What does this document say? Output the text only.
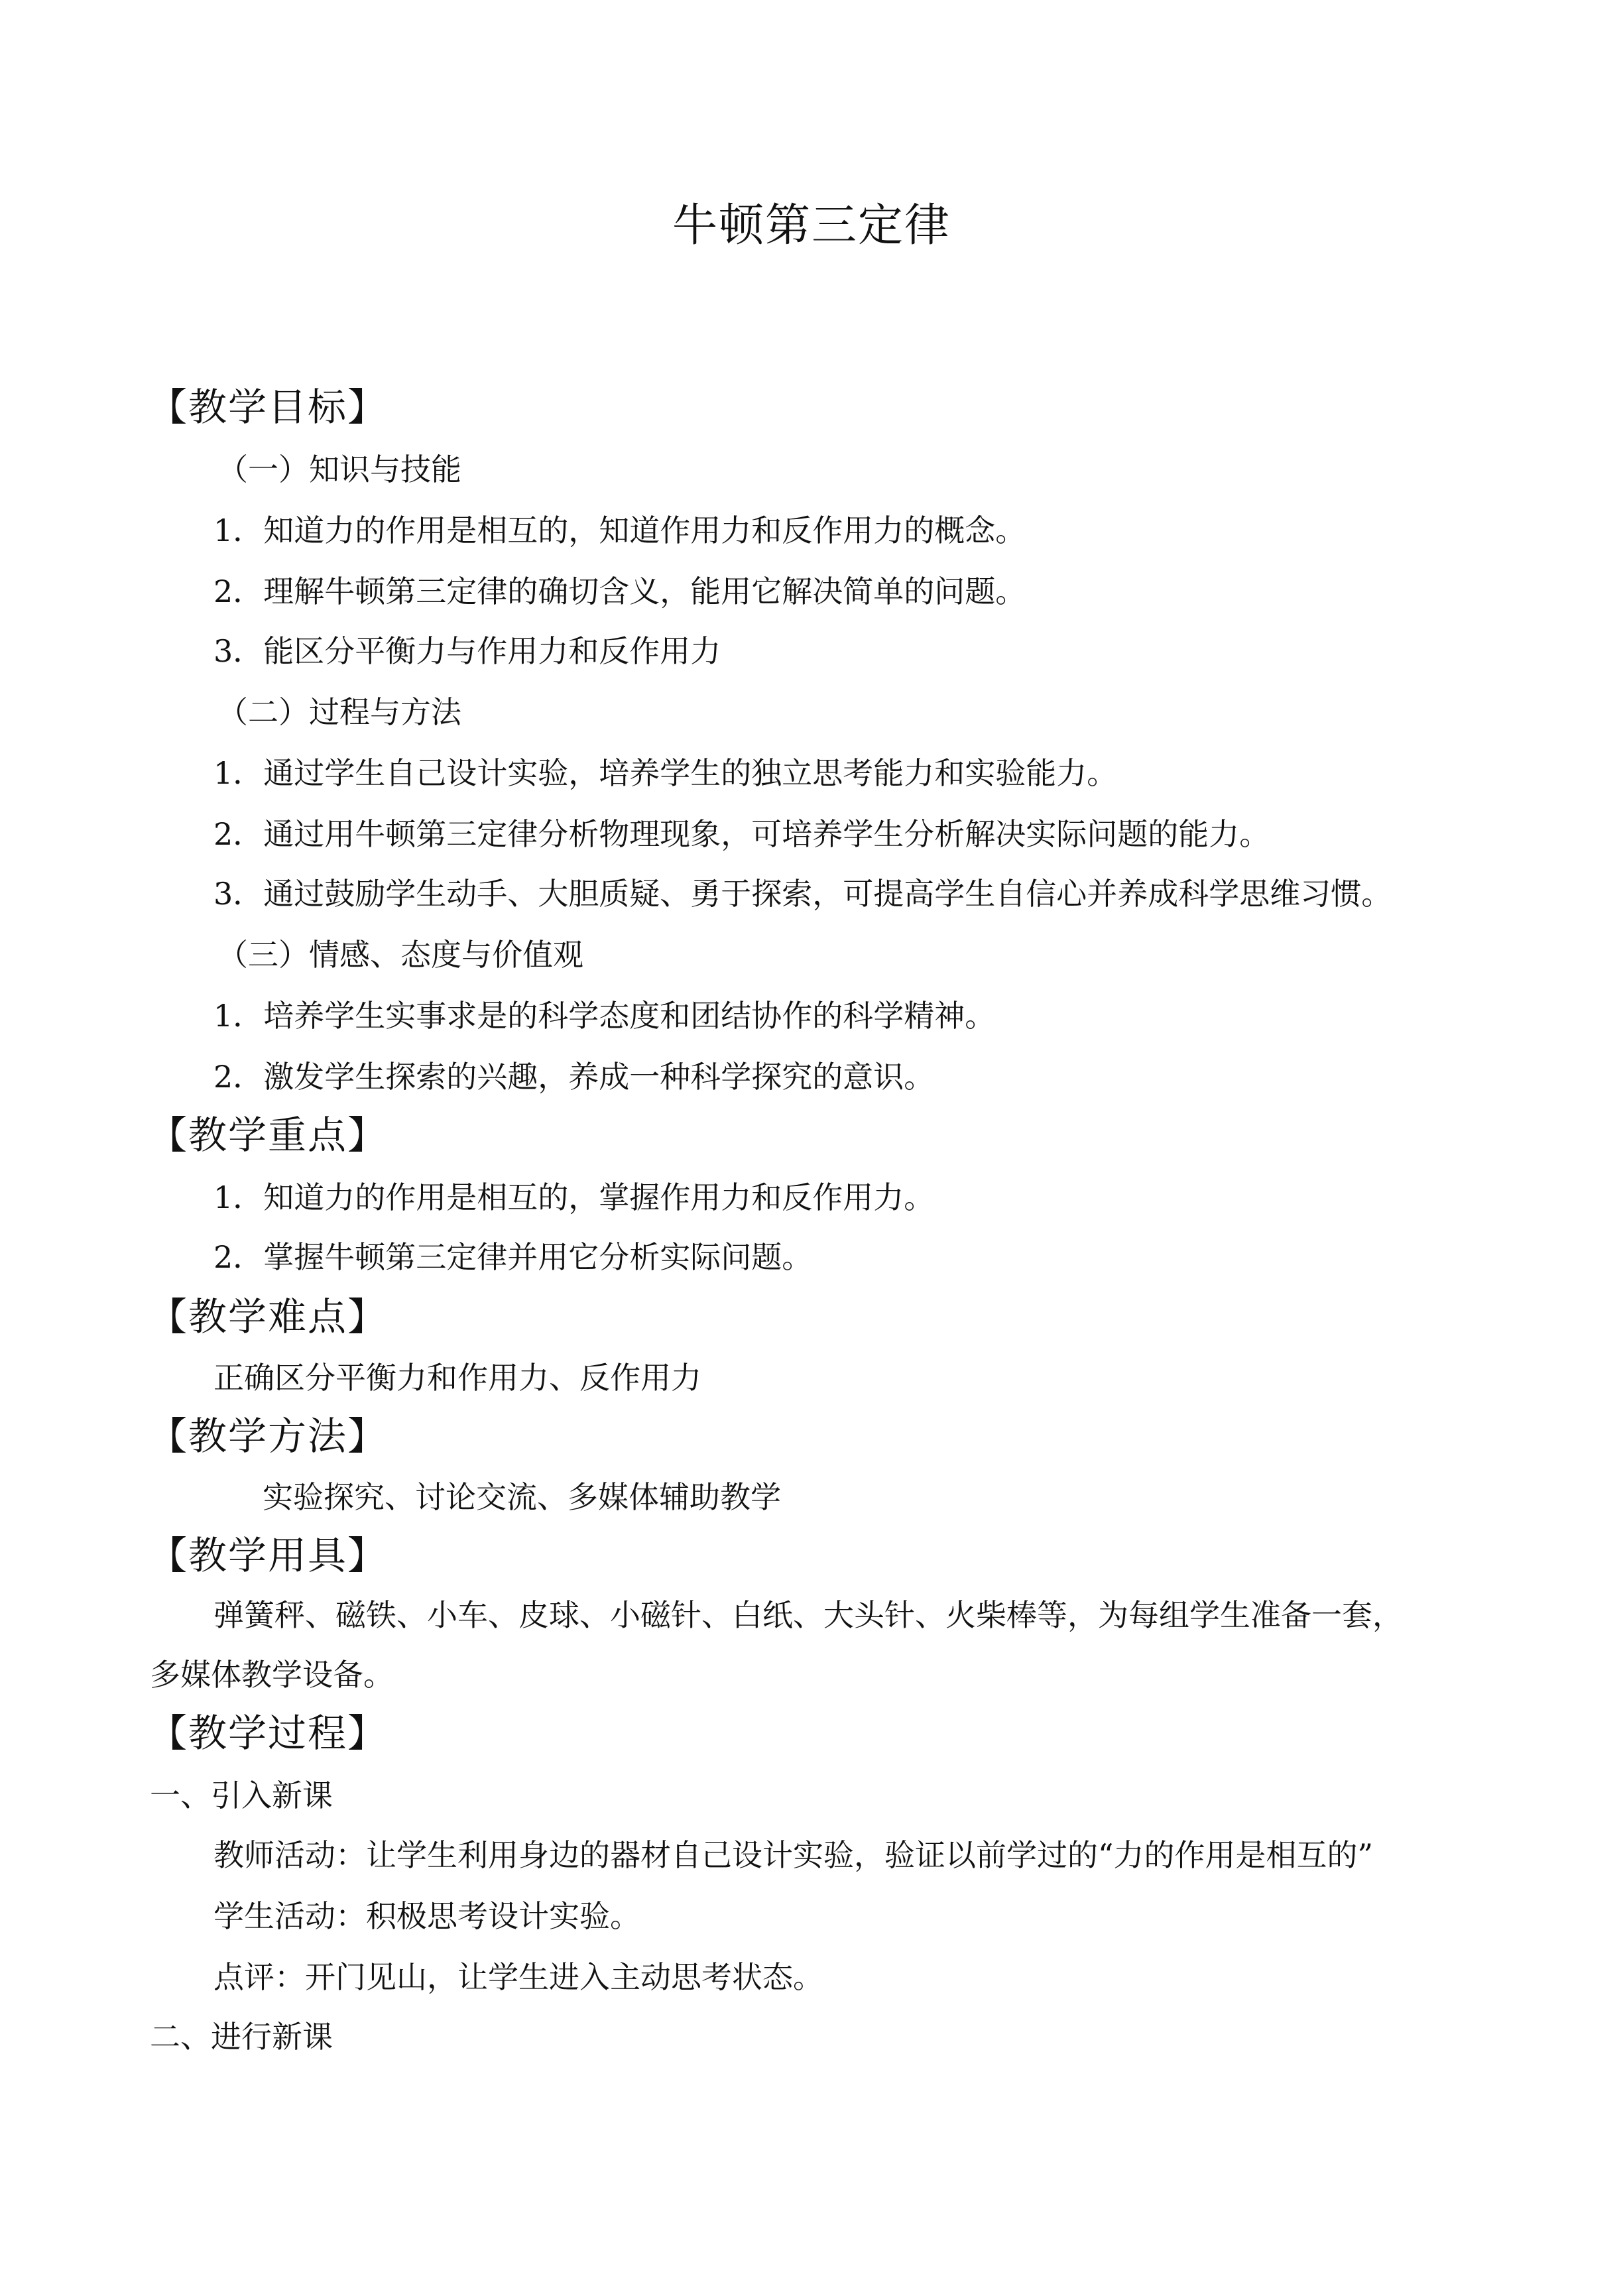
牛顿第三定律
【教学目标】
（一）知识与技能
1．知道力的作用是相互的，知道作用力和反作用力的概念。
2．理解牛顿第三定律的确切含义，能用它解决简单的问题。
3．能区分平衡力与作用力和反作用力
（二）过程与方法
1．通过学生自己设计实验，培养学生的独立思考能力和实验能力。
2．通过用牛顿第三定律分析物理现象，可培养学生分析解决实际问题的能力。
3．通过鼓励学生动手、大胆质疑、勇于探索，可提高学生自信心并养成科学思维习惯。
（三）情感、态度与价值观
1．培养学生实事求是的科学态度和团结协作的科学精神。
2．激发学生探索的兴趣，养成一种科学探究的意识。
【教学重点】
1．知道力的作用是相互的，掌握作用力和反作用力。
2．掌握牛顿第三定律并用它分析实际问题。
【教学难点】
正确区分平衡力和作用力、反作用力
【教学方法】
实验探究、讨论交流、多媒体辅助教学
【教学用具】
弹簧秤、磁铁、小车、皮球、小磁针、白纸、大头针、火柴棒等，为每组学生准备一套，
多媒体教学设备。
【教学过程】
一、引入新课
教师活动：让学生利用身边的器材自己设计实验，验证以前学过的“力的作用是相互的”
学生活动：积极思考设计实验。
点评：开门见山，让学生进入主动思考状态。
二、进行新课
